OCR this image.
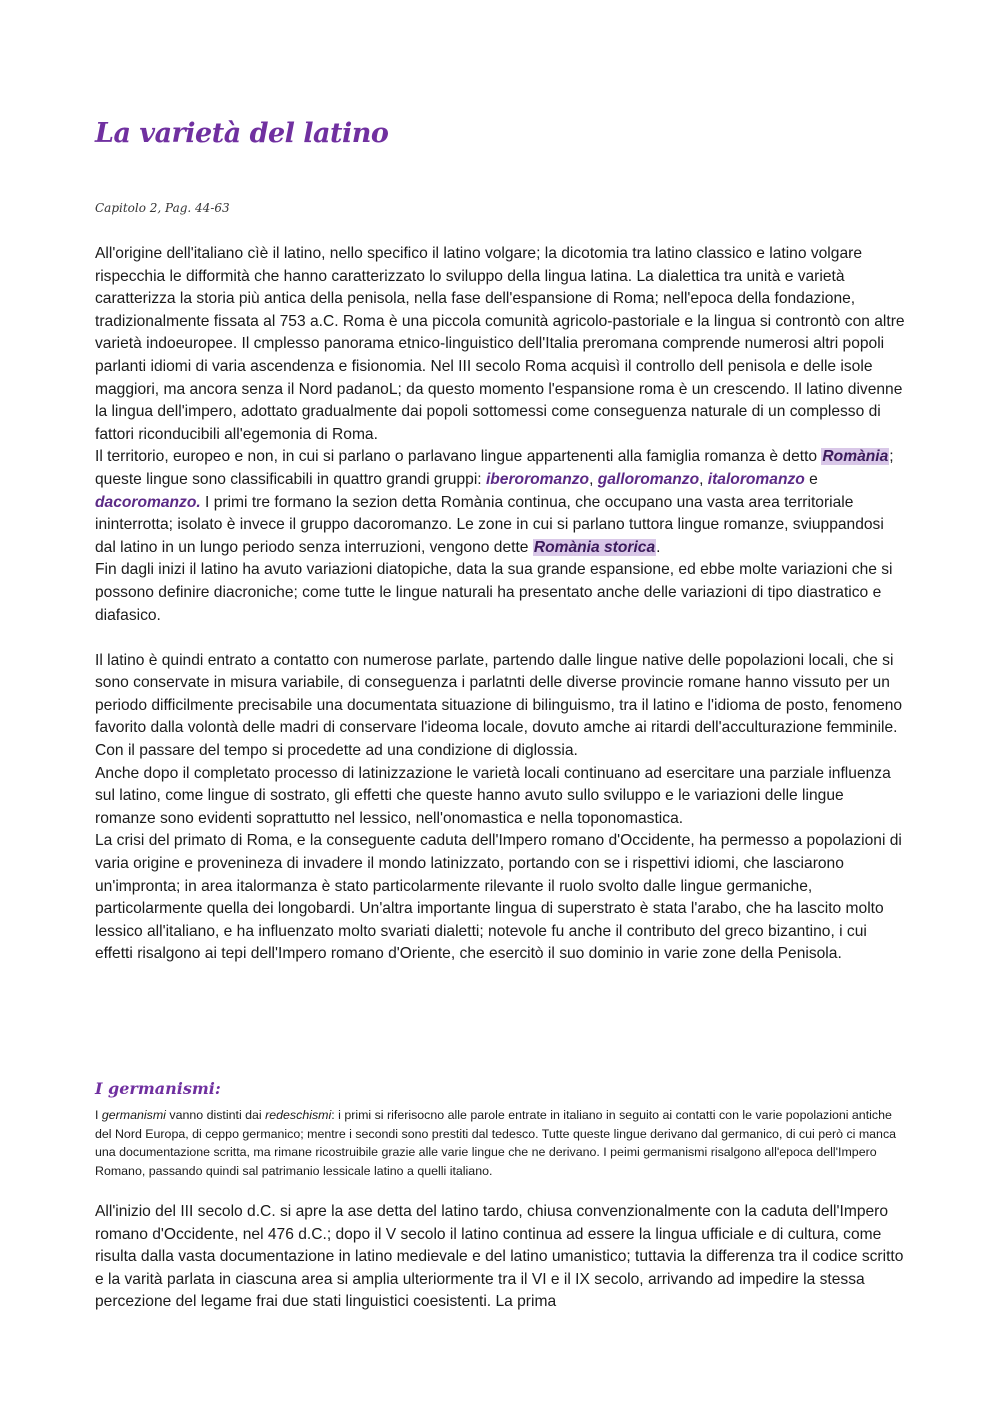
La varietà del latino
Capitolo 2, Pag. 44-63

All'origine dell'italiano cìè il latino, nello specifico il latino volgare; la dicotomia tra latino classico e latino volgare rispecchia le difformità che hanno caratterizzato lo sviluppo della lingua latina. La dialettica tra unità e varietà caratterizza la storia più antica della penisola, nella fase dell'espansione di Roma; nell'epoca della fondazione, tradizionalmente fissata al 753 a.C. Roma è una piccola comunità agricolo-pastoriale e la lingua si controntò con altre varietà indoeuropee. Il cmplesso panorama etnico-linguistico dell'Italia preromana comprende numerosi altri popoli parlanti idiomi di varia ascendenza e fisionomia. Nel III secolo Roma acquisì il controllo dell penisola e delle isole maggiori, ma ancora senza il Nord padanoL; da questo momento l'espansione roma è un crescendo. Il latino divenne la lingua dell'impero, adottato gradualmente dai popoli sottomessi come conseguenza naturale di un complesso di fattori riconducibili all'egemonia di Roma.

Il territorio, europeo e non, in cui si parlano o parlavano lingue appartenenti alla famiglia romanza è detto Romània; queste lingue sono classificabili in quattro grandi gruppi: iberoromanzo, galloromanzo, italoromanzo e dacoromanzo. I primi tre formano la sezion detta Romània continua, che occupano una vasta area territoriale ininterrotta; isolato è invece il gruppo dacoromanzo. Le zone in cui si parlano tuttora lingue romanze, sviuppandosi dal latino in un lungo periodo senza interruzioni, vengono dette Romània storica.

Fin dagli inizi il latino ha avuto variazioni diatopiche, data la sua grande espansione, ed ebbe molte variazioni che si possono definire diacroniche; come tutte le lingue naturali ha presentato anche delle variazioni di tipo diastratico e diafasico.

Il latino è quindi entrato a contatto con numerose parlate, partendo dalle lingue native delle popolazioni locali, che si sono conservate in misura variabile, di conseguenza i parlatnti delle diverse provincie romane hanno vissuto per un periodo difficilmente precisabile una documentata situazione di bilinguismo, tra il latino e l'idioma de posto, fenomeno favorito dalla volontà delle madri di conservare l'ideoma locale, dovuto amche ai ritardi dell'acculturazione femminile. Con il passare del tempo si procedette ad una condizione di diglossia.

Anche dopo il completato processo di latinizzazione le varietà locali continuano ad esercitare una parziale influenza sul latino, come lingue di sostrato, gli effetti che queste hanno avuto sullo sviluppo e le variazioni delle lingue romanze sono evidenti soprattutto nel lessico, nell'onomastica e nella toponomastica.

La crisi del primato di Roma, e la conseguente caduta dell'Impero romano d'Occidente, ha permesso a popolazioni di varia origine e provenineza di invadere il mondo latinizzato, portando con se i rispettivi idiomi, che lasciarono un'impronta; in area italormanza è stato particolarmente rilevante il ruolo svolto dalle lingue germaniche, particolarmente quella dei longobardi. Un'altra importante lingua di superstrato è stata l'arabo, che ha lascito molto lessico all'italiano, e ha influenzato molto svariati dialetti; notevole fu anche il contributo del greco bizantino, i cui effetti risalgono ai tepi dell'Impero romano d'Oriente, che esercitò il suo dominio in varie zone della Penisola.

I germanismi:

I germanismi vanno distinti dai redeschismi: i primi si riferisocno alle parole entrate in italiano in seguito ai contatti con le varie popolazioni antiche del Nord Europa, di ceppo germanico; mentre i secondi sono prestiti dal tedesco. Tutte queste lingue derivano dal germanico, di cui però ci manca una documentazione scritta, ma rimane ricostruibile grazie alle varie lingue che ne derivano. I peimi germanismi risalgono all'epoca dell'Impero Romano, passando quindi sal patrimanio lessicale latino a quelli italiano.

All'inizio del III secolo d.C. si apre la ase detta del latino tardo, chiusa convenzionalmente con la caduta dell'Impero romano d'Occidente, nel 476 d.C.; dopo il V secolo il latino continua ad essere la lingua ufficiale e di cultura, come risulta dalla vasta documentazione in latino medievale e del latino umanistico; tuttavia la differenza tra il codice scritto e la varità parlata in ciascuna area si amplia ulteriormente tra il VI e il IX secolo, arrivando ad impedire la stessa percezione del legame frai due stati linguistici coesistenti. La prima
